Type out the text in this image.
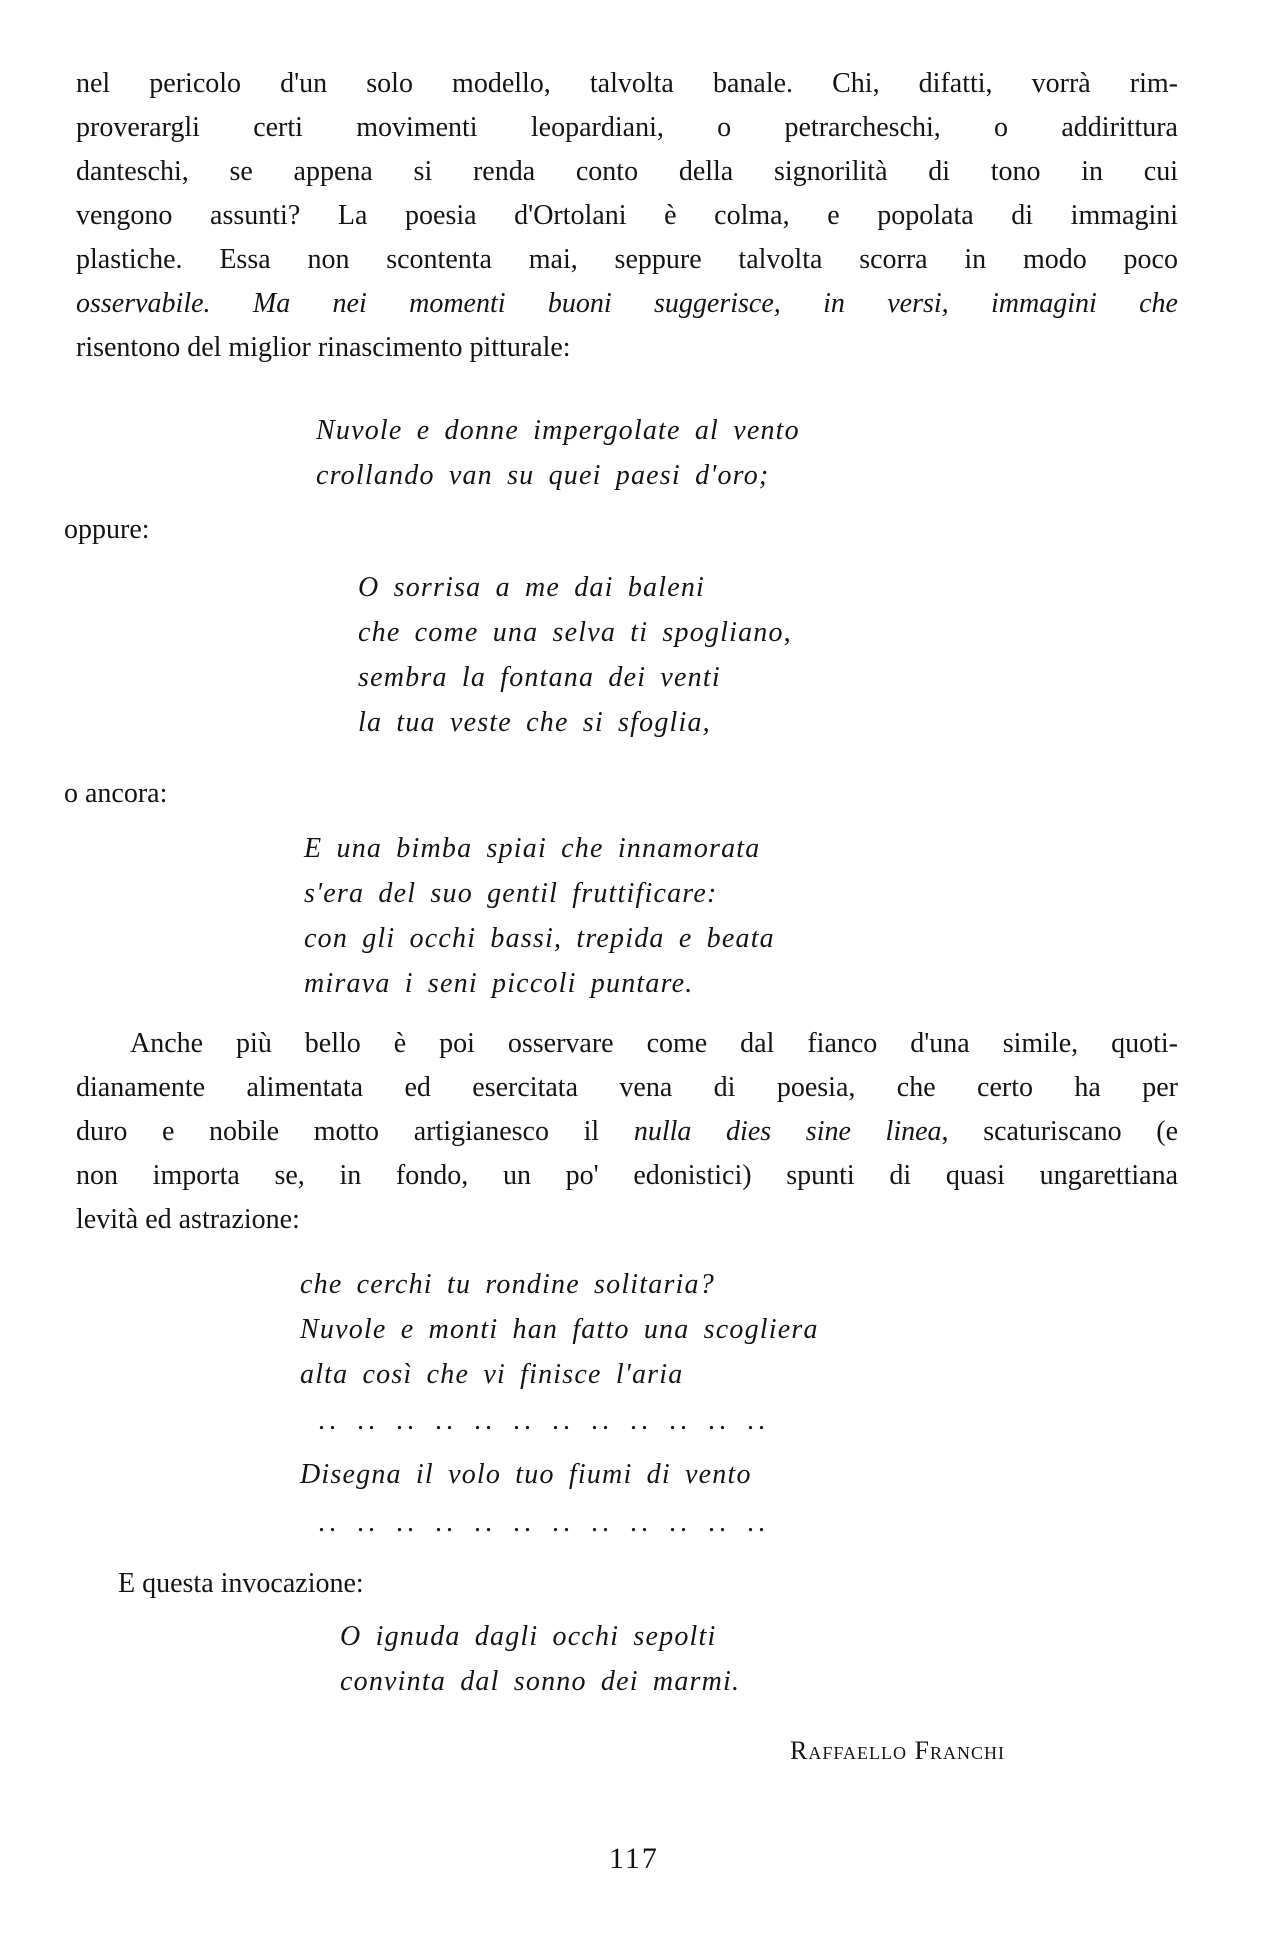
nel pericolo d'un solo modello, talvolta banale. Chi, difatti, vorrà rim-
proverargli certi movimenti leopardiani, o petrarcheschi, o addirittura
danteschi, se appena si renda conto della signorilità di tono in cui
vengono assunti? La poesia d'Ortolani è colma, e popolata di immagini
plastiche. Essa non scontenta mai, seppure talvolta scorra in modo poco
osservabile. Ma nei momenti buoni suggerisce, in versi, immagini che
risentono del miglior rinascimento pitturale:
Nuvole e donne impergolate al vento
crollando van su quei paesi d'oro;

oppure:

O sorrisa a me dai baleni
che come una selva ti spogliano,
sembra la fontana dei venti
la tua veste che si sfoglia,

o ancora:

E una bimba spiai che innamorata
s'era del suo gentil fruttificare:
con gli occhi bassi, trepida e beata
mirava i seni piccoli puntare.
Anche più bello è poi osservare come dal fianco d'una simile, quoti-
dianamente alimentata ed esercitata vena di poesia, che certo ha per
duro e nobile motto artigianesco il nulla dies sine linea, scaturiscano (e
non importa se, in fondo, un po' edonistici) spunti di quasi ungarettiana
levità ed astrazione:
che cerchi tu rondine solitaria?
Nuvole e monti han fatto una scogliera
alta così che vi finisce l'aria

.. .. .. .. .. .. .. .. .. .. .. ..

Disegna il volo tuo fiumi di vento

.. .. .. .. .. .. .. .. .. .. .. ..

E questa invocazione:

O ignuda dagli occhi sepolti
convinta dal sonno dei marmi.

Raffaello Franchi

117
